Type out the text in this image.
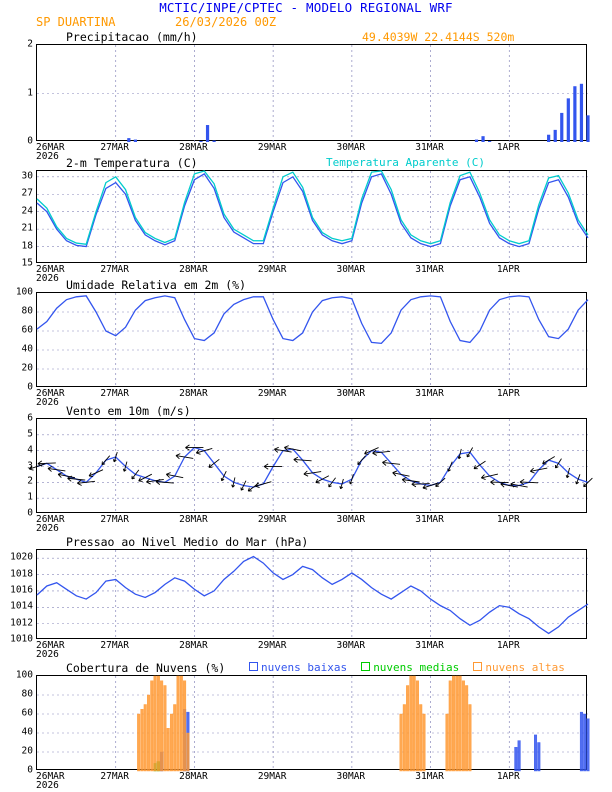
MCTIC/INPE/CPTEC - MODELO REGIONAL WRF
SP DUARTINA	26/03/2026 00Z
49.4039W 22.4144S 520m
Precipitacao (mm/h)
0
1
2
26MAR	27MAR	28MAR	29MAR	30MAR	31MAR	1APR
2026 2-m Temperatura (C)	Temperatura Aparente (C)
15
18
21
24
27
30
26MAR	27MAR	28MAR	29MAR	30MAR	31MAR	1APR
2026 Umidade Relativa em 2m (%)
0
20
40
60
80
100
26MAR	27MAR	28MAR	29MAR	30MAR	31MAR	1APR
2026
Vento em 10m (m/s)
0
1
2
3
4
5
6
26MAR	27MAR	28MAR	29MAR	30MAR	31MAR	1APR
2026
Pressao ao Nivel Medio do Mar (hPa)
1010
1012
1014
1016
1018
1020
26MAR	27MAR	28MAR	29MAR	30MAR	31MAR	1APR
2026
Cobertura de Nuvens (%)	nuvens baixas	nuvens medias	nuvens altas
0
20
40
60
80
100
26MAR	27MAR	28MAR	29MAR	30MAR	31MAR	1APR
2026
